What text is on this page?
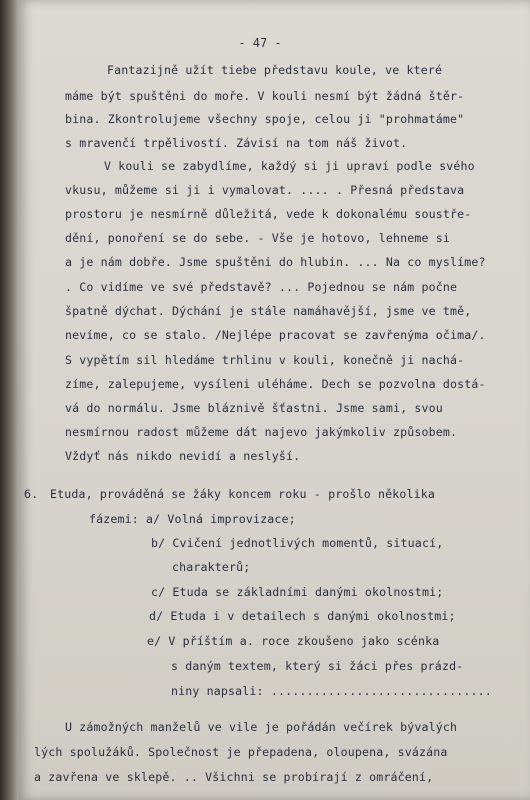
- 47 -
Fantazijně užít tiebe představu koule, ve které
máme být spuštěni do moře. V kouli nesmí být žádná štěr-
bina. Zkontrolujeme všechny spoje, celou ji "prohmatáme"
s mravenčí trpělivostí. Závisí na tom náš život.
V kouli se zabydlíme, každý si ji upraví podle svého
vkusu, můžeme si ji i vymalovat. .... . Přesná představa
prostoru je nesmírně důležitá, vede k dokonalému soustře-
dění, ponoření se do sebe. - Vše je hotovo, lehneme si
a je nám dobře. Jsme spuštěni do hlubin. ... Na co myslíme?
. Co vidíme ve své představě? ... Pojednou se nám počne
špatně dýchat. Dýchání je stále namáhavější, jsme ve tmě,
nevíme, co se stalo. /Nejlépe pracovat se zavřenýma očima/.
S vypětím sil hledáme trhlinu v kouli, konečně ji nachá-
zíme, zalepujeme, vysíleni uléháme. Dech se pozvolna dostá-
vá do normálu. Jsme bláznivě šťastni. Jsme sami, svou
nesmírnou radost můžeme dát najevo jakýmkoliv způsobem.
Vždyť nás nikdo nevidí a neslyší.
6. Etuda, prováděná se žáky koncem roku - prošlo několika
fázemi: a/ Volná improvizace;
b/ Cvičení jednotlivých momentů, situací,
charakterů;
c/ Etuda se základními danými okolnostmi;
d/ Etuda i v detailech s danými okolnostmi;
e/ V příštím a. roce zkoušeno jako scénka
s daným textem, který si žáci přes prázd-
niny napsali: ...............................
U zámožných manželů ve vile je pořádán večírek bývalých
lých spolužáků. Společnost je přepadena, oloupena, svázána
a zavřena ve sklepě. .. Všichni se probírají z omráčení,
